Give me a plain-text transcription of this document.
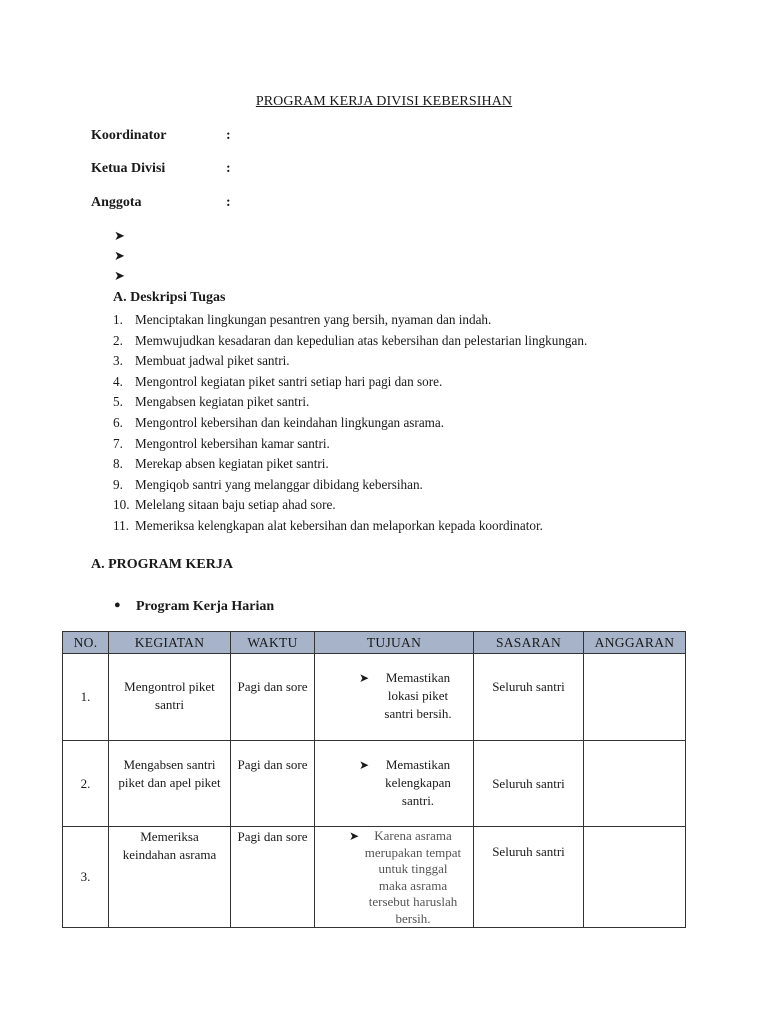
PROGRAM KERJA DIVISI KEBERSIHAN
Koordinator	:
Ketua Divisi	:
Anggota	:
➤
➤
➤
A. Deskripsi Tugas
1. Menciptakan lingkungan pesantren yang bersih, nyaman dan indah.
2. Memwujudkan kesadaran dan kepedulian atas kebersihan dan pelestarian lingkungan.
3. Membuat jadwal piket santri.
4. Mengontrol kegiatan piket santri setiap hari pagi dan sore.
5. Mengabsen kegiatan piket santri.
6. Mengontrol kebersihan dan keindahan lingkungan asrama.
7. Mengontrol kebersihan kamar santri.
8. Merekap absen kegiatan piket santri.
9. Mengiqob santri yang melanggar dibidang kebersihan.
10. Melelang sitaan baju setiap ahad sore.
11. Memeriksa kelengkapan alat kebersihan dan melaporkan kepada koordinator.
A. PROGRAM KERJA
● Program Kerja Harian
NO.	KEGIATAN	WAKTU	TUJUAN	SASARAN	ANGGARAN
1.	Mengontrol piket santri	Pagi dan sore	➤ Memastikan lokasi piket santri bersih.	Seluruh santri	
2.	Mengabsen santri piket dan apel piket	Pagi dan sore	➤ Memastikan kelengkapan santri.	Seluruh santri	
3.	Memeriksa keindahan asrama	Pagi dan sore	➤ Karena asrama merupakan tempat untuk tinggal maka asrama tersebut haruslah bersih.	Seluruh santri	
